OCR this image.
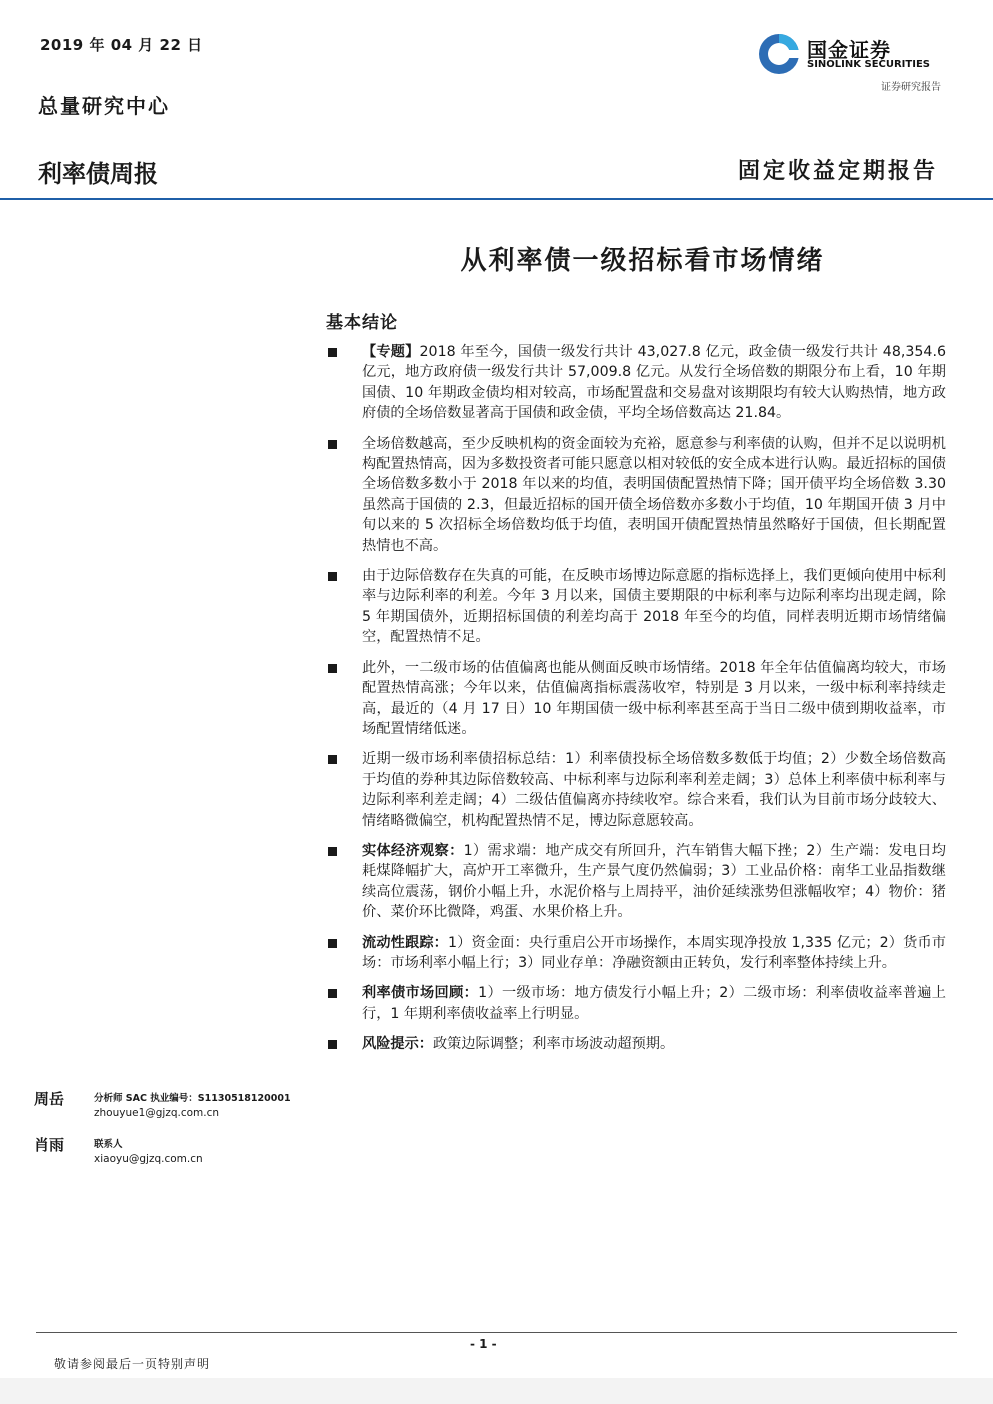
2019 年 04 月 22 日
总量研究中心
利率债周报	固定收益定期报告
国金证券
SINOLINK SECURITIES
证券研究报告
从利率债一级招标看市场情绪
基本结论
【专题】2018 年至今，国债一级发行共计 43,027.8 亿元，政金债一级发行共计 48,354.6 亿元，地方政府债一级发行共计 57,009.8 亿元。从发行全场倍数的期限分布上看，10 年期国债、10 年期政金债均相对较高，市场配置盘和交易盘对该期限均有较大认购热情，地方政府债的全场倍数显著高于国债和政金债，平均全场倍数高达 21.84。
全场倍数越高，至少反映机构的资金面较为充裕，愿意参与利率债的认购，但并不足以说明机构配置热情高，因为多数投资者可能只愿意以相对较低的安全成本进行认购。最近招标的国债全场倍数多数小于 2018 年以来的均值，表明国债配置热情下降；国开债平均全场倍数 3.30 虽然高于国债的 2.3，但最近招标的国开债全场倍数亦多数小于均值，10 年期国开债 3 月中旬以来的 5 次招标全场倍数均低于均值，表明国开债配置热情虽然略好于国债，但长期配置热情也不高。
由于边际倍数存在失真的可能，在反映市场博边际意愿的指标选择上，我们更倾向使用中标利率与边际利率的利差。今年 3 月以来，国债主要期限的中标利率与边际利率均出现走阔，除 5 年期国债外，近期招标国债的利差均高于 2018 年至今的均值，同样表明近期市场情绪偏空，配置热情不足。
此外，一二级市场的估值偏离也能从侧面反映市场情绪。2018 年全年估值偏离均较大，市场配置热情高涨；今年以来，估值偏离指标震荡收窄，特别是 3 月以来，一级中标利率持续走高，最近的（4 月 17 日）10 年期国债一级中标利率甚至高于当日二级中债到期收益率，市场配置情绪低迷。
近期一级市场利率债招标总结：1）利率债投标全场倍数多数低于均值；2）少数全场倍数高于均值的券种其边际倍数较高、中标利率与边际利率利差走阔；3）总体上利率债中标利率与边际利率利差走阔；4）二级估值偏离亦持续收窄。综合来看，我们认为目前市场分歧较大、情绪略微偏空，机构配置热情不足，博边际意愿较高。
实体经济观察：1）需求端：地产成交有所回升，汽车销售大幅下挫；2）生产端：发电日均耗煤降幅扩大，高炉开工率微升，生产景气度仍然偏弱；3）工业品价格：南华工业品指数继续高位震荡，钢价小幅上升，水泥价格与上周持平，油价延续涨势但涨幅收窄；4）物价：猪价、菜价环比微降，鸡蛋、水果价格上升。
流动性跟踪：1）资金面：央行重启公开市场操作，本周实现净投放 1,335 亿元；2）货币市场：市场利率小幅上行；3）同业存单：净融资额由正转负，发行利率整体持续上升。
利率债市场回顾：1）一级市场：地方债发行小幅上升；2）二级市场：利率债收益率普遍上行，1 年期利率债收益率上行明显。
风险提示：政策边际调整；利率市场波动超预期。
周岳	分析师 SAC 执业编号：S1130518120001
zhouyue1@gjzq.com.cn
肖雨	联系人
xiaoyu@gjzq.com.cn
- 1 -
敬请参阅最后一页特别声明
